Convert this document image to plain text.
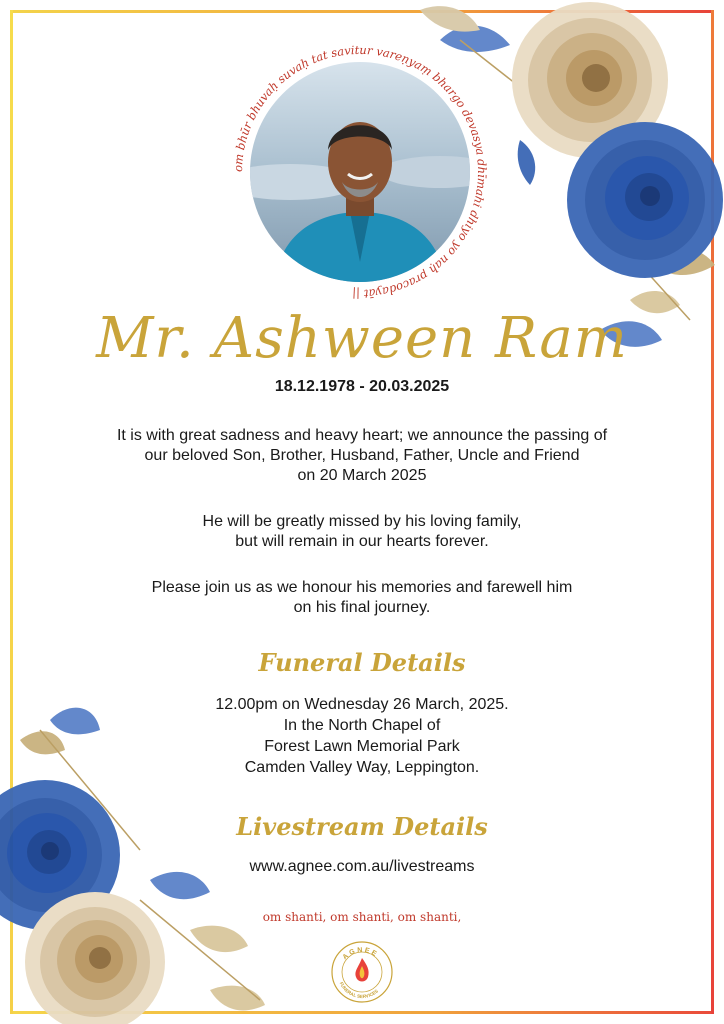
om bhūr bhuvaḥ suvaḥ tat savitur vareṇyaṃ bhargo devasya dhīmahi dhiyo yo naḥ pracodayāt ||
Mr. Ashween Ram
18.12.1978 - 20.03.2025
It is with great sadness and heavy heart; we announce the passing of
our beloved Son, Brother, Husband, Father, Uncle and Friend
on 20 March 2025
He will be greatly missed by his loving family,
but will remain in our hearts forever.
Please join us as we honour his memories and farewell him
on his final journey.
Funeral Details
12.00pm on Wednesday 26 March, 2025.
In the North Chapel of
Forest Lawn Memorial Park
Camden Valley Way, Leppington.
Livestream Details
www.agnee.com.au/livestreams
om shanti, om shanti, om shanti,
AGNEE
FUNERAL SERVICES
